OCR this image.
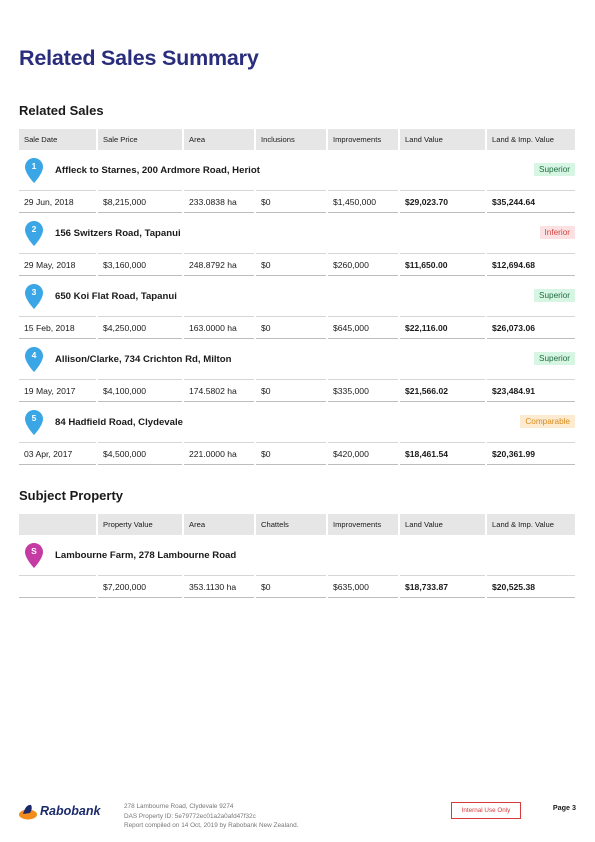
Related Sales Summary
Related Sales
Sale Date	Sale Price	Area	Inclusions	Improvements	Land Value	Land & Imp. Value

1 Affleck to Starnes, 200 Ardmore Road, Heriot Superior						

29 Jun, 2018	$8,215,000	233.0838 ha	$0	$1,450,000	$29,023.70	$35,244.64

2 156 Switzers Road, Tapanui Inferior						

29 May, 2018	$3,160,000	248.8792 ha	$0	$260,000	$11,650.00	$12,694.68

3 650 Koi Flat Road, Tapanui Superior						

15 Feb, 2018	$4,250,000	163.0000 ha	$0	$645,000	$22,116.00	$26,073.06

4 Allison/Clarke, 734 Crichton Rd, Milton Superior						

19 May, 2017	$4,100,000	174.5802 ha	$0	$335,000	$21,566.02	$23,484.91

5 84 Hadfield Road, Clydevale Comparable						

03 Apr, 2017	$4,500,000	221.0000 ha	$0	$420,000	$18,461.54	$20,361.99
Subject Property
	Property Value	Area	Chattels	Improvements	Land Value	Land & Imp. Value

S Lambourne Farm, 278 Lambourne Road						

	$7,200,000	353.1130 ha	$0	$635,000	$18,733.87	$20,525.38
Rabobank	278 Lambourne Road, Clydevale 9274
DAS Property ID: 5e79772ec01a2a0afd47f32c
Report compiled on 14 Oct, 2019 by Rabobank New Zealand.
Internal Use Only	Page 3
